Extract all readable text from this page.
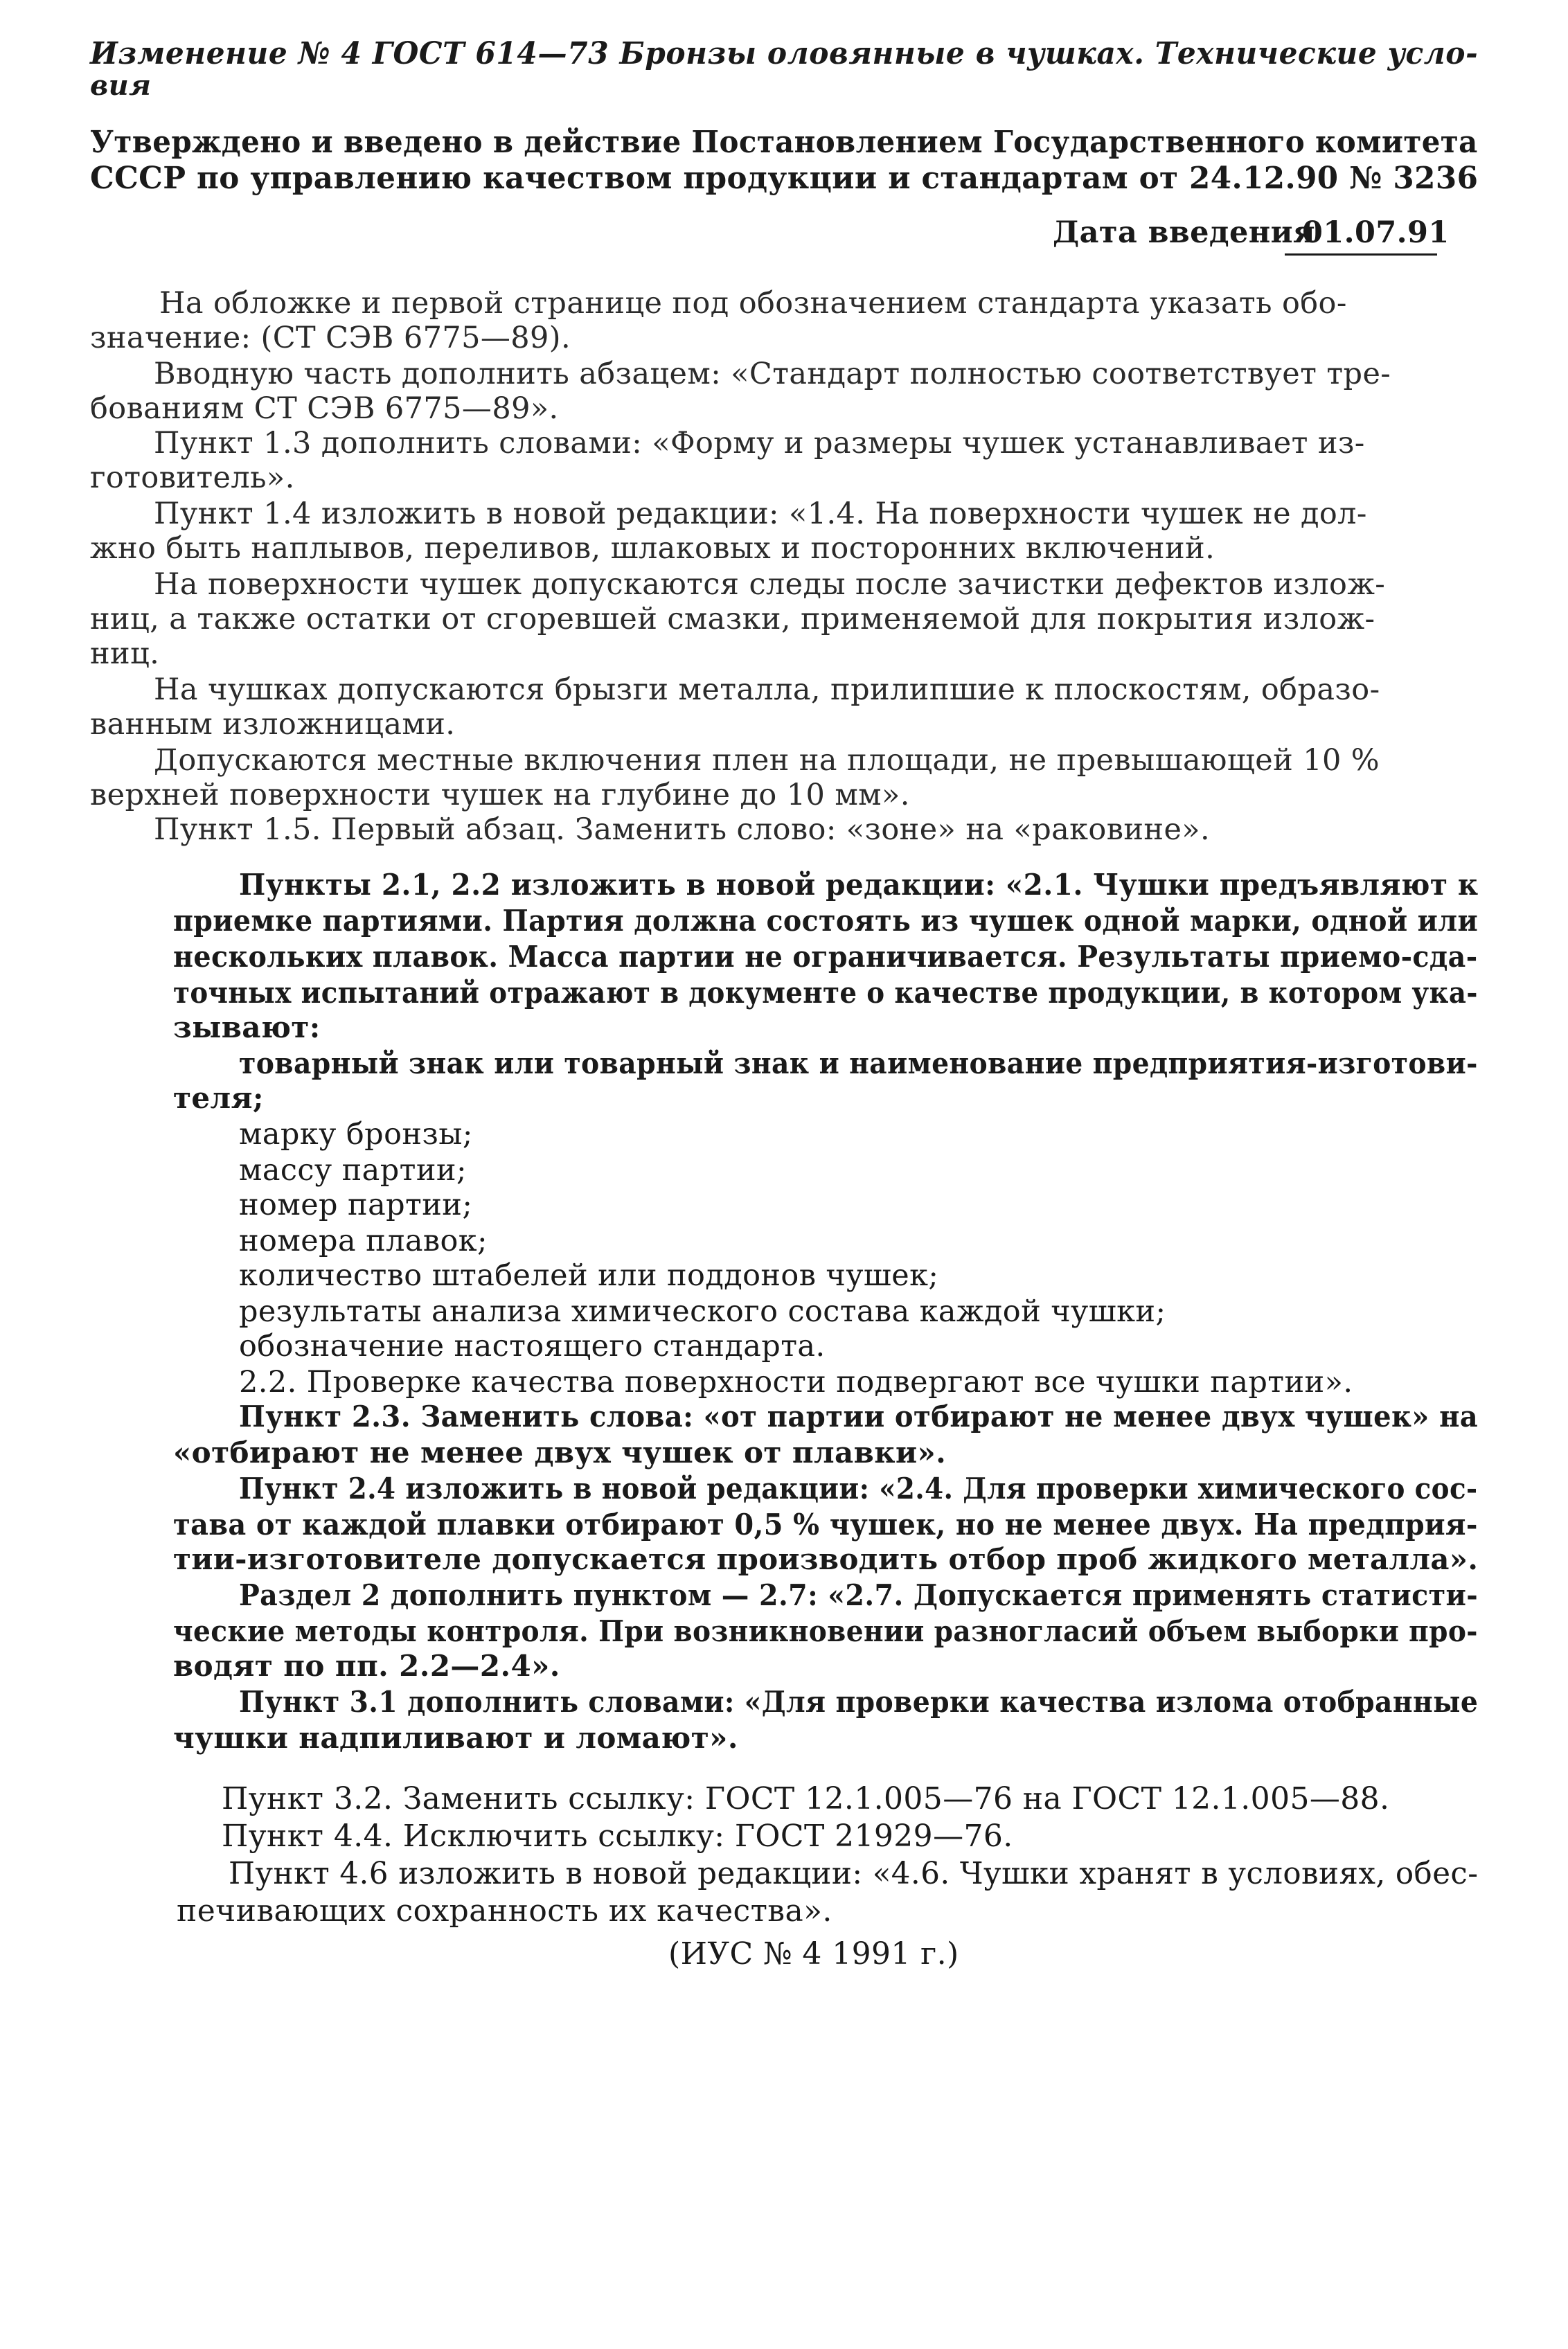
Изменение № 4 ГОСТ 614—73 Бронзы оловянные в чушках. Технические усло-
вия
Утверждено и введено в действие Постановлением Государственного комитета
СССР по управлению качеством продукции и стандартам от 24.12.90 № 3236
Дата введения
01.07.91
На обложке и первой странице под обозначением стандарта указать обо-
значение: (СТ СЭВ 6775—89).
Вводную часть дополнить абзацем: «Стандарт полностью соответствует тре-
бованиям СТ СЭВ 6775—89».
Пункт 1.3 дополнить словами: «Форму и размеры чушек устанавливает из-
готовитель».
Пункт 1.4 изложить в новой редакции: «1.4. На поверхности чушек не дол-
жно быть наплывов, переливов, шлаковых и посторонних включений.
На поверхности чушек допускаются следы после зачистки дефектов излож-
ниц, а также остатки от сгоревшей смазки, применяемой для покрытия излож-
ниц.
На чушках допускаются брызги металла, прилипшие к плоскостям, образо-
ванным изложницами.
Допускаются местные включения плен на площади, не превышающей 10 %
верхней поверхности чушек на глубине до 10 мм».
Пункт 1.5. Первый абзац. Заменить слово: «зоне» на «раковине».
Пункты 2.1, 2.2 изложить в новой редакции: «2.1. Чушки предъявляют к
приемке партиями. Партия должна состоять из чушек одной марки, одной или
нескольких плавок. Масса партии не ограничивается. Результаты приемо-сда-
точных испытаний отражают в документе о качестве продукции, в котором ука-
зывают:
товарный знак или товарный знак и наименование предприятия-изготови-
теля;
марку бронзы;
массу партии;
номер партии;
номера плавок;
количество штабелей или поддонов чушек;
результаты анализа химического состава каждой чушки;
обозначение настоящего стандарта.
2.2. Проверке качества поверхности подвергают все чушки партии».
Пункт 2.3. Заменить слова: «от партии отбирают не менее двух чушек» на
«отбирают не менее двух чушек от плавки».
Пункт 2.4 изложить в новой редакции: «2.4. Для проверки химического сос-
тава от каждой плавки отбирают 0,5 % чушек, но не менее двух. На предприя-
тии-изготовителе допускается производить отбор проб жидкого металла».
Раздел 2 дополнить пунктом — 2.7: «2.7. Допускается применять статисти-
ческие методы контроля. При возникновении разногласий объем выборки про-
водят по пп. 2.2—2.4».
Пункт 3.1 дополнить словами: «Для проверки качества излома отобранные
чушки надпиливают и ломают».
Пункт 3.2. Заменить ссылку: ГОСТ 12.1.005—76 на ГОСТ 12.1.005—88.
Пункт 4.4. Исключить ссылку: ГОСТ 21929—76.
Пункт 4.6 изложить в новой редакции: «4.6. Чушки хранят в условиях, обес-
печивающих сохранность их качества».
(ИУС № 4 1991 г.)
